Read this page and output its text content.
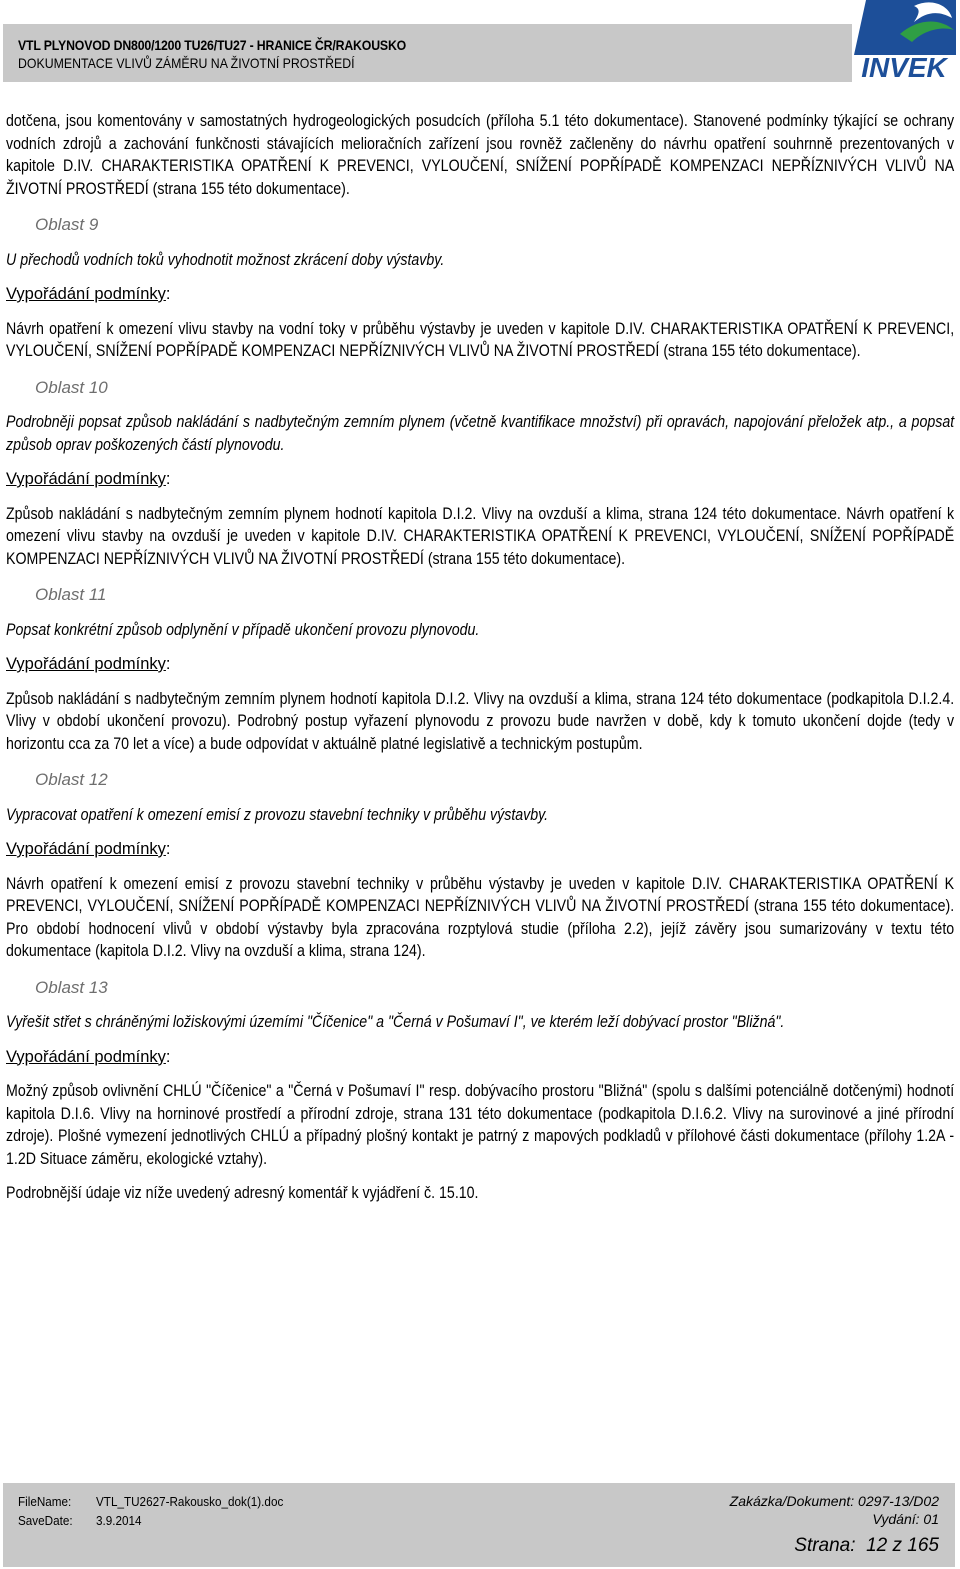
VTL PLYNOVOD DN800/1200 TU26/TU27 - HRANICE ČR/RAKOUSKO
DOKUMENTACE VLIVŮ ZÁMĚRU NA ŽIVOTNÍ PROSTŘEDÍ	INVEK

dotčena, jsou komentovány v samostatných hydrogeologických posudcích (příloha 5.1 této dokumentace). Stanovené podmínky týkající se ochrany vodních zdrojů a zachování funkčnosti stávajících melioračních zařízení jsou rovněž začleněny do návrhu opatření souhrnně prezentovaných v kapitole D.IV. CHARAKTERISTIKA OPATŘENÍ K PREVENCI, VYLOUČENÍ, SNÍŽENÍ POPŘÍPADĚ KOMPENZACI NEPŘÍZNIVÝCH VLIVŮ NA ŽIVOTNÍ PROSTŘEDÍ (strana 155 této dokumentace).

Oblast 9

U přechodů vodních toků vyhodnotit možnost zkrácení doby výstavby.

Vypořádání podmínky:

Návrh opatření k omezení vlivu stavby na vodní toky v průběhu výstavby je uveden v kapitole D.IV. CHARAKTERISTIKA OPATŘENÍ K PREVENCI, VYLOUČENÍ, SNÍŽENÍ POPŘÍPADĚ KOMPENZACI NEPŘÍZNIVÝCH VLIVŮ NA ŽIVOTNÍ PROSTŘEDÍ (strana 155 této dokumentace).

Oblast 10

Podrobněji popsat způsob nakládání s nadbytečným zemním plynem (včetně kvantifikace množství) při opravách, napojování přeložek atp., a popsat způsob oprav poškozených částí plynovodu.

Vypořádání podmínky:

Způsob nakládání s nadbytečným zemním plynem hodnotí kapitola D.I.2. Vlivy na ovzduší a klima, strana 124 této dokumentace. Návrh opatření k omezení vlivu stavby na ovzduší je uveden v kapitole D.IV. CHARAKTERISTIKA OPATŘENÍ K PREVENCI, VYLOUČENÍ, SNÍŽENÍ POPŘÍPADĚ KOMPENZACI NEPŘÍZNIVÝCH VLIVŮ NA ŽIVOTNÍ PROSTŘEDÍ (strana 155 této dokumentace).

Oblast 11

Popsat konkrétní způsob odplynění v případě ukončení provozu plynovodu.

Vypořádání podmínky:

Způsob nakládání s nadbytečným zemním plynem hodnotí kapitola D.I.2. Vlivy na ovzduší a klima, strana 124 této dokumentace (podkapitola D.I.2.4. Vlivy v období ukončení provozu). Podrobný postup vyřazení plynovodu z provozu bude navržen v době, kdy k tomuto ukončení dojde (tedy v horizontu cca za 70 let a více) a bude odpovídat v aktuálně platné legislativě a technickým postupům.

Oblast 12

Vypracovat opatření k omezení emisí z provozu stavební techniky v průběhu výstavby.

Vypořádání podmínky:

Návrh opatření k omezení emisí z provozu stavební techniky v průběhu výstavby je uveden v kapitole D.IV. CHARAKTERISTIKA OPATŘENÍ K PREVENCI, VYLOUČENÍ, SNÍŽENÍ POPŘÍPADĚ KOMPENZACI NEPŘÍZNIVÝCH VLIVŮ NA ŽIVOTNÍ PROSTŘEDÍ (strana 155 této dokumentace). Pro období hodnocení vlivů v období výstavby byla zpracována rozptylová studie (příloha 2.2), jejíž závěry jsou sumarizovány v textu této dokumentace (kapitola D.I.2. Vlivy na ovzduší a klima, strana 124).

Oblast 13

Vyřešit střet s chráněnými ložiskovými územími "Číčenice" a "Černá v Pošumaví I", ve kterém leží dobývací prostor "Bližná".

Vypořádání podmínky:

Možný způsob ovlivnění CHLÚ "Číčenice" a "Černá v Pošumaví I" resp. dobývacího prostoru "Bližná" (spolu s dalšími potenciálně dotčenými) hodnotí kapitola D.I.6. Vlivy na horninové prostředí a přírodní zdroje, strana 131 této dokumentace (podkapitola D.I.6.2. Vlivy na surovinové a jiné přírodní zdroje). Plošné vymezení jednotlivých CHLÚ a případný plošný kontakt je patrný z mapových podkladů v přílohové části dokumentace (přílohy 1.2A - 1.2D Situace záměru, ekologické vztahy).

Podrobnější údaje viz níže uvedený adresný komentář k vyjádření č. 15.10.

FileName: VTL_TU2627-Rakousko_dok(1).doc
SaveDate: 3.9.2014
Zakázka/Dokument: 0297-13/D02
Vydání: 01
Strana: 12 z 165
